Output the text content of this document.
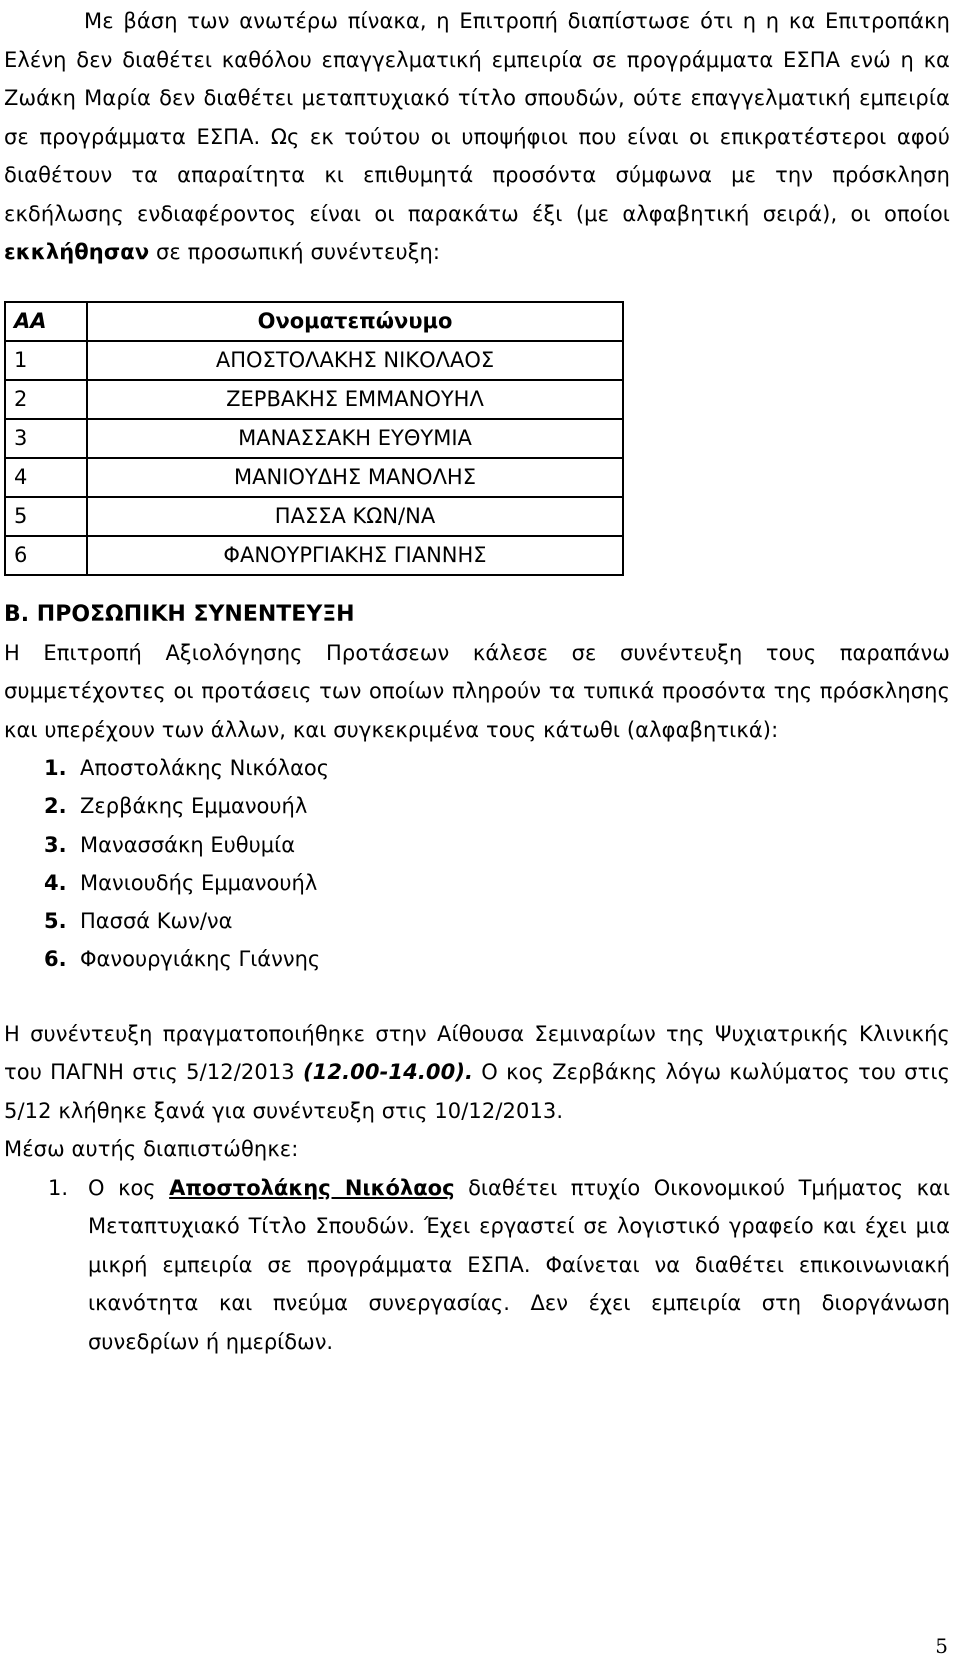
Με βάση των ανωτέρω πίνακα, η Επιτροπή διαπίστωσε ότι η η κα Επιτροπάκη Ελένη δεν διαθέτει καθόλου επαγγελματική εμπειρία σε προγράμματα ΕΣΠΑ ενώ η κα Ζωάκη Μαρία δεν διαθέτει μεταπτυχιακό τίτλο σπουδών, ούτε επαγγελματική εμπειρία σε προγράμματα ΕΣΠΑ. Ως εκ τούτου οι υποψήφιοι που είναι οι επικρατέστεροι αφού διαθέτουν τα απαραίτητα κι επιθυμητά προσόντα σύμφωνα με την πρόσκληση εκδήλωσης ενδιαφέροντος είναι οι παρακάτω έξι (με αλφαβητική σειρά), οι οποίοι εκκλήθησαν σε προσωπική συνέντευξη:

ΑΑ	Ονοματεπώνυμο
1	ΑΠΟΣΤΟΛΑΚΗΣ ΝΙΚΟΛΑΟΣ
2	ΖΕΡΒΑΚΗΣ ΕΜΜΑΝΟΥΗΛ
3	ΜΑΝΑΣΣΑΚΗ ΕΥΘΥΜΙΑ
4	ΜΑΝΙΟΥΔΗΣ ΜΑΝΟΛΗΣ
5	ΠΑΣΣΑ ΚΩΝ/ΝΑ
6	ΦΑΝΟΥΡΓΙΑΚΗΣ ΓΙΑΝΝΗΣ

Β. ΠΡΟΣΩΠΙΚΗ ΣΥΝΕΝΤΕΥΞΗ

Η Επιτροπή Αξιολόγησης Προτάσεων κάλεσε σε συνέντευξη τους παραπάνω συμμετέχοντες οι προτάσεις των οποίων πληρούν τα τυπικά προσόντα της πρόσκλησης και υπερέχουν των άλλων, και συγκεκριμένα τους κάτωθι (αλφαβητικά):

1. Αποστολάκης Νικόλαος
2. Ζερβάκης Εμμανουήλ
3. Μανασσάκη Ευθυμία
4. Μανιουδής Εμμανουήλ
5. Πασσά Κων/να
6. Φανουργιάκης Γιάννης

Η συνέντευξη πραγματοποιήθηκε στην Αίθουσα Σεμιναρίων της Ψυχιατρικής Κλινικής του ΠΑΓΝΗ στις 5/12/2013 (12.00-14.00). Ο κος Ζερβάκης λόγω κωλύματος του στις 5/12 κλήθηκε ξανά για συνέντευξη στις 10/12/2013.

Μέσω αυτής διαπιστώθηκε:

1. Ο κος Αποστολάκης Νικόλαος διαθέτει πτυχίο Οικονομικού Τμήματος και Μεταπτυχιακό Τίτλο Σπουδών. Έχει εργαστεί σε λογιστικό γραφείο και έχει μια μικρή εμπειρία σε προγράμματα ΕΣΠΑ. Φαίνεται να διαθέτει επικοινωνιακή ικανότητα και πνεύμα συνεργασίας. Δεν έχει εμπειρία στη διοργάνωση συνεδρίων ή ημερίδων.
5
